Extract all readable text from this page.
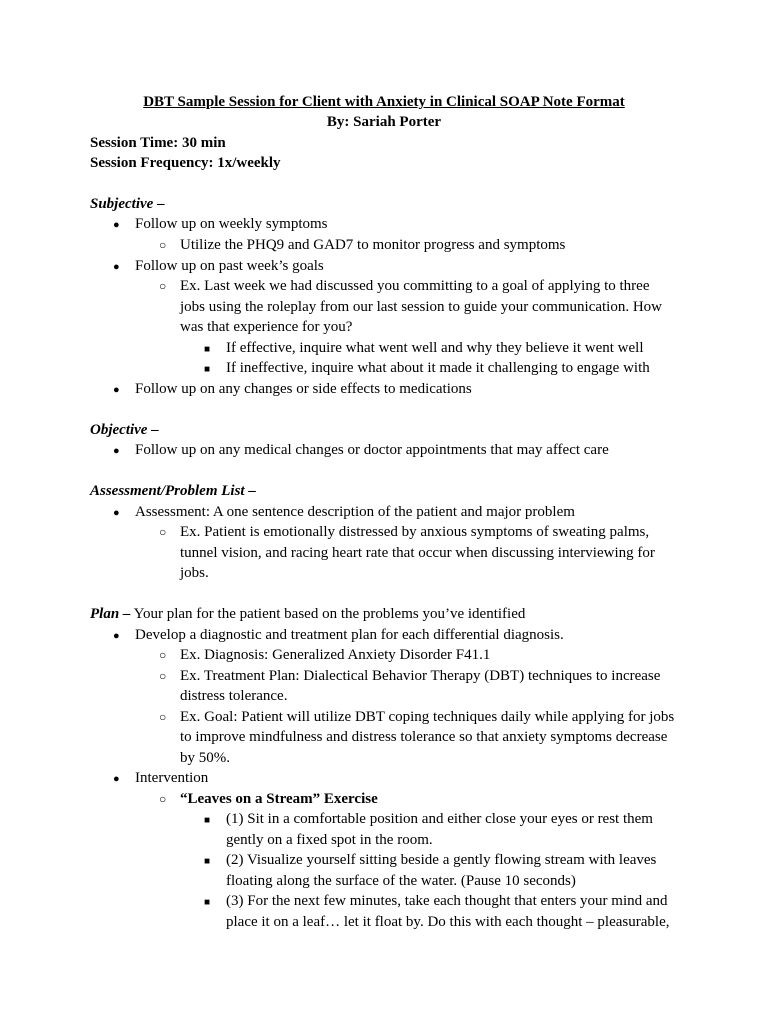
DBT Sample Session for Client with Anxiety in Clinical SOAP Note Format
By: Sariah Porter
Session Time: 30 min
Session Frequency: 1x/weekly
Subjective –
●
Follow up on weekly symptoms
○
Utilize the PHQ9 and GAD7 to monitor progress and symptoms
●
Follow up on past week’s goals
○
Ex. Last week we had discussed you committing to a goal of applying to three
jobs using the roleplay from our last session to guide your communication. How
was that experience for you?
■
If effective, inquire what went well and why they believe it went well
■
If ineffective, inquire what about it made it challenging to engage with
●
Follow up on any changes or side effects to medications
Objective –
●
Follow up on any medical changes or doctor appointments that may affect care
Assessment/Problem List –
●
Assessment: A one sentence description of the patient and major problem
○
Ex. Patient is emotionally distressed by anxious symptoms of sweating palms,
tunnel vision, and racing heart rate that occur when discussing interviewing for
jobs.
Plan – Your plan for the patient based on the problems you’ve identified
●
Develop a diagnostic and treatment plan for each differential diagnosis.
○
Ex. Diagnosis: Generalized Anxiety Disorder F41.1
○
Ex. Treatment Plan: Dialectical Behavior Therapy (DBT) techniques to increase
distress tolerance.
○
Ex. Goal: Patient will utilize DBT coping techniques daily while applying for jobs
to improve mindfulness and distress tolerance so that anxiety symptoms decrease
by 50%.
●
Intervention
○
“Leaves on a Stream” Exercise
■
(1) Sit in a comfortable position and either close your eyes or rest them
gently on a fixed spot in the room.
■
(2) Visualize yourself sitting beside a gently flowing stream with leaves
floating along the surface of the water. (Pause 10 seconds)
■
(3) For the next few minutes, take each thought that enters your mind and
place it on a leaf… let it float by. Do this with each thought – pleasurable,
